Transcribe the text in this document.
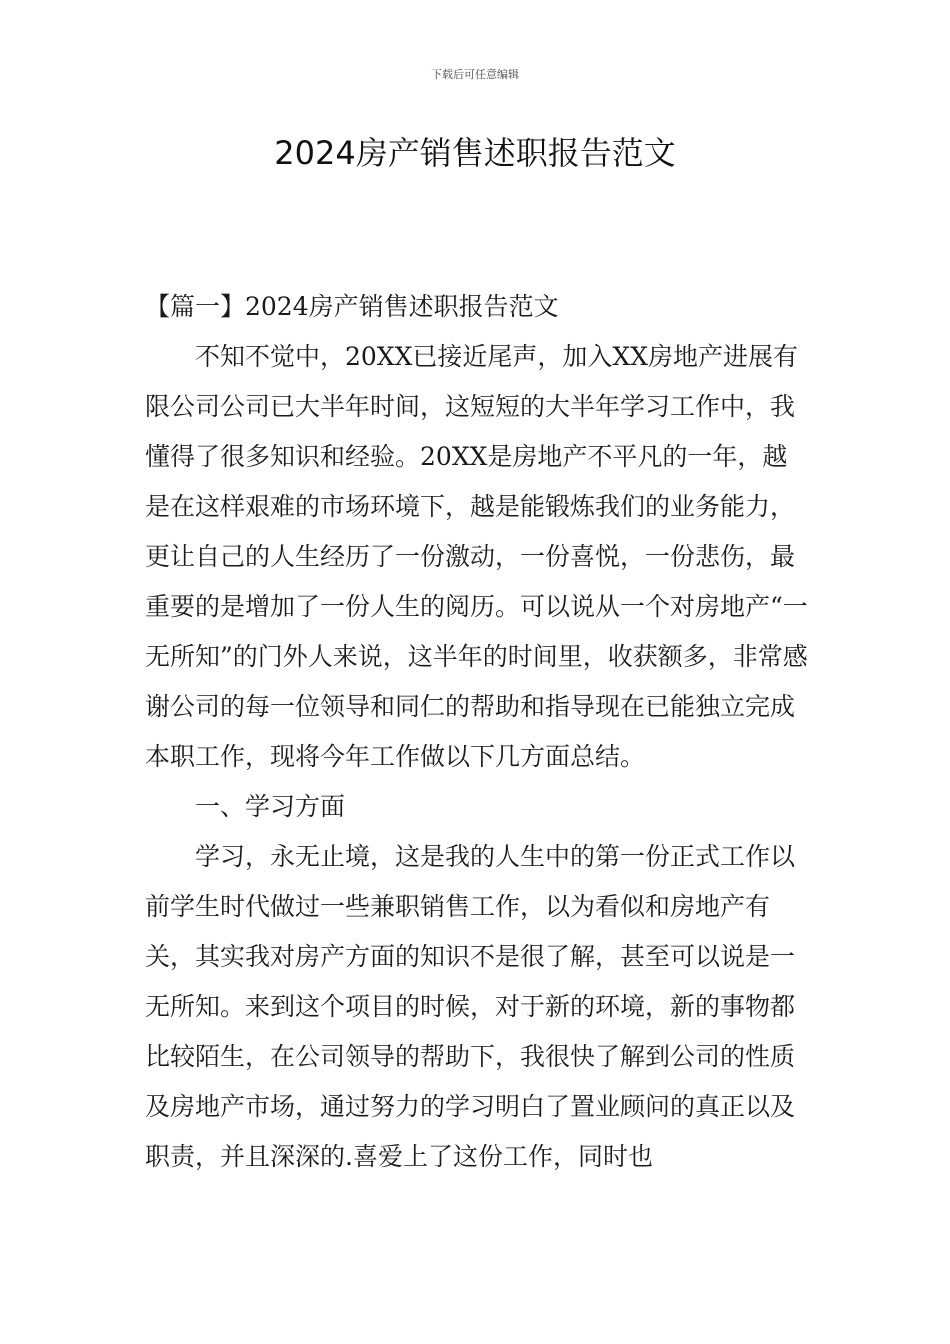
下载后可任意编辑
2024房产销售述职报告范文

【篇一】2024房产销售述职报告范文

不知不觉中，20XX已接近尾声，加入XX房地产进展有限公司公司已大半年时间，这短短的大半年学习工作中，我懂得了很多知识和经验。20XX是房地产不平凡的一年，越是在这样艰难的市场环境下，越是能锻炼我们的业务能力，更让自己的人生经历了一份激动，一份喜悦，一份悲伤，最重要的是增加了一份人生的阅历。可以说从一个对房地产“一无所知”的门外人来说，这半年的时间里，收获额多，非常感谢公司的每一位领导和同仁的帮助和指导现在已能独立完成本职工作，现将今年工作做以下几方面总结。

一、学习方面

学习，永无止境，这是我的人生中的第一份正式工作以前学生时代做过一些兼职销售工作，以为看似和房地产有关，其实我对房产方面的知识不是很了解，甚至可以说是一无所知。来到这个项目的时候，对于新的环境，新的事物都比较陌生，在公司领导的帮助下，我很快了解到公司的性质及房地产市场，通过努力的学习明白了置业顾问的真正以及职责，并且深深的.喜爱上了这份工作，同时也
